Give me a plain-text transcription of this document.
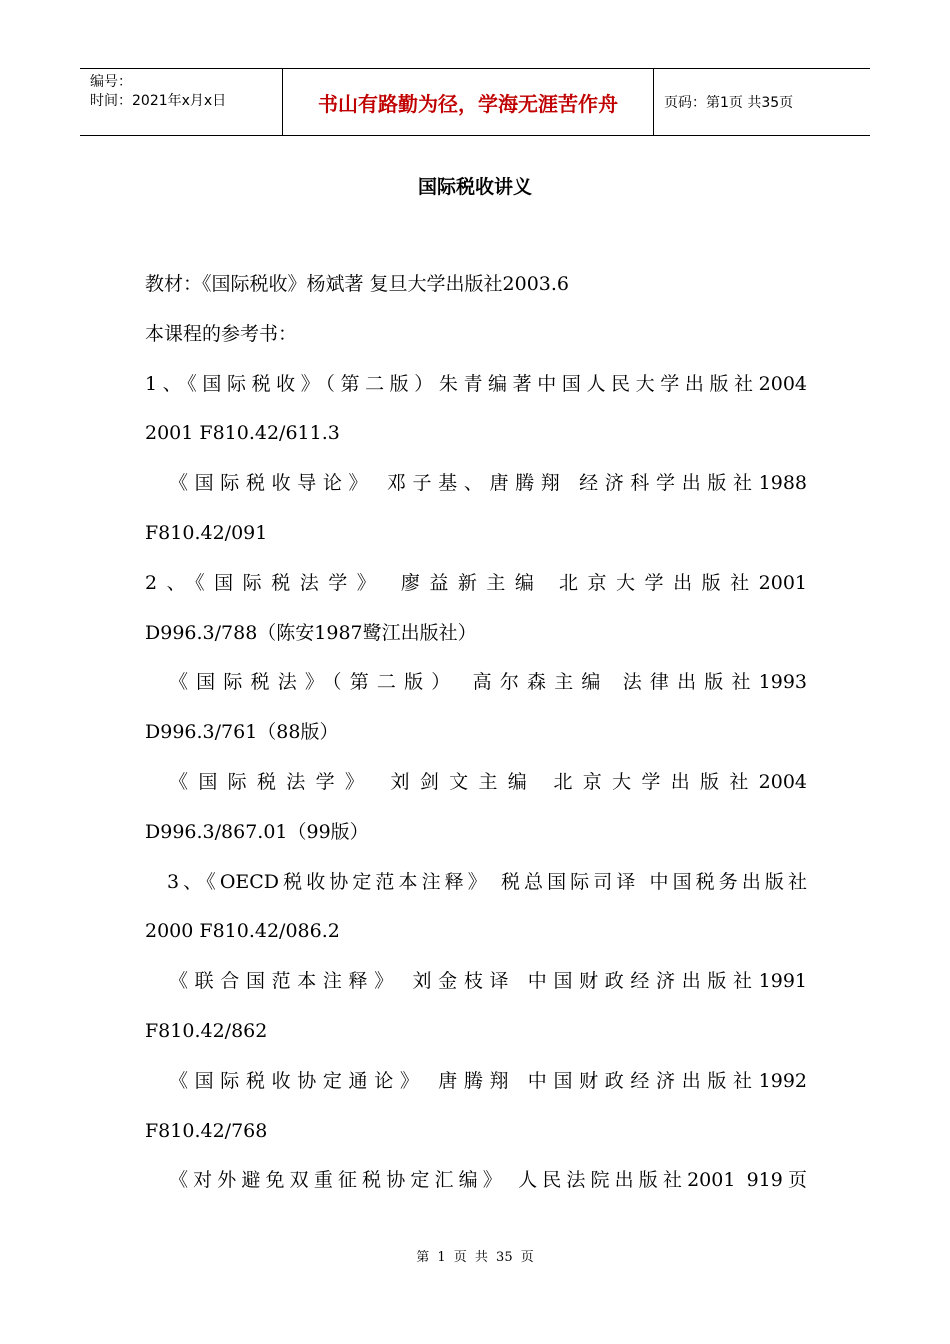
编号：
时间：2021年x月x日	书山有路勤为径，学海无涯苦作舟	页码：第1页 共35页
国际税收讲义
教材：《国际税收》杨斌著 复旦大学出版社2003.6
本课程的参考书：
1、《国际税收》（第二版）朱青编著中国人民大学出版社2004
2001 F810.42/611.3
《国际税收导论》 邓子基、唐腾翔 经济科学出版社1988
F810.42/091
2、《国际税法学》 廖益新主编 北京大学出版社2001
D996.3/788（陈安1987鹭江出版社）
《国际税法》（第二版） 高尔森主编 法律出版社1993
D996.3/761（88版）
《国际税法学》 刘剑文主编 北京大学出版社2004
D996.3/867.01（99版）
3、《OECD税收协定范本注释》 税总国际司译 中国税务出版社
2000 F810.42/086.2
《联合国范本注释》 刘金枝译 中国财政经济出版社1991
F810.42/862
《国际税收协定通论》 唐腾翔 中国财政经济出版社1992
F810.42/768
《对外避免双重征税协定汇编》 人民法院出版社2001 919页
第 1 页 共 35 页
